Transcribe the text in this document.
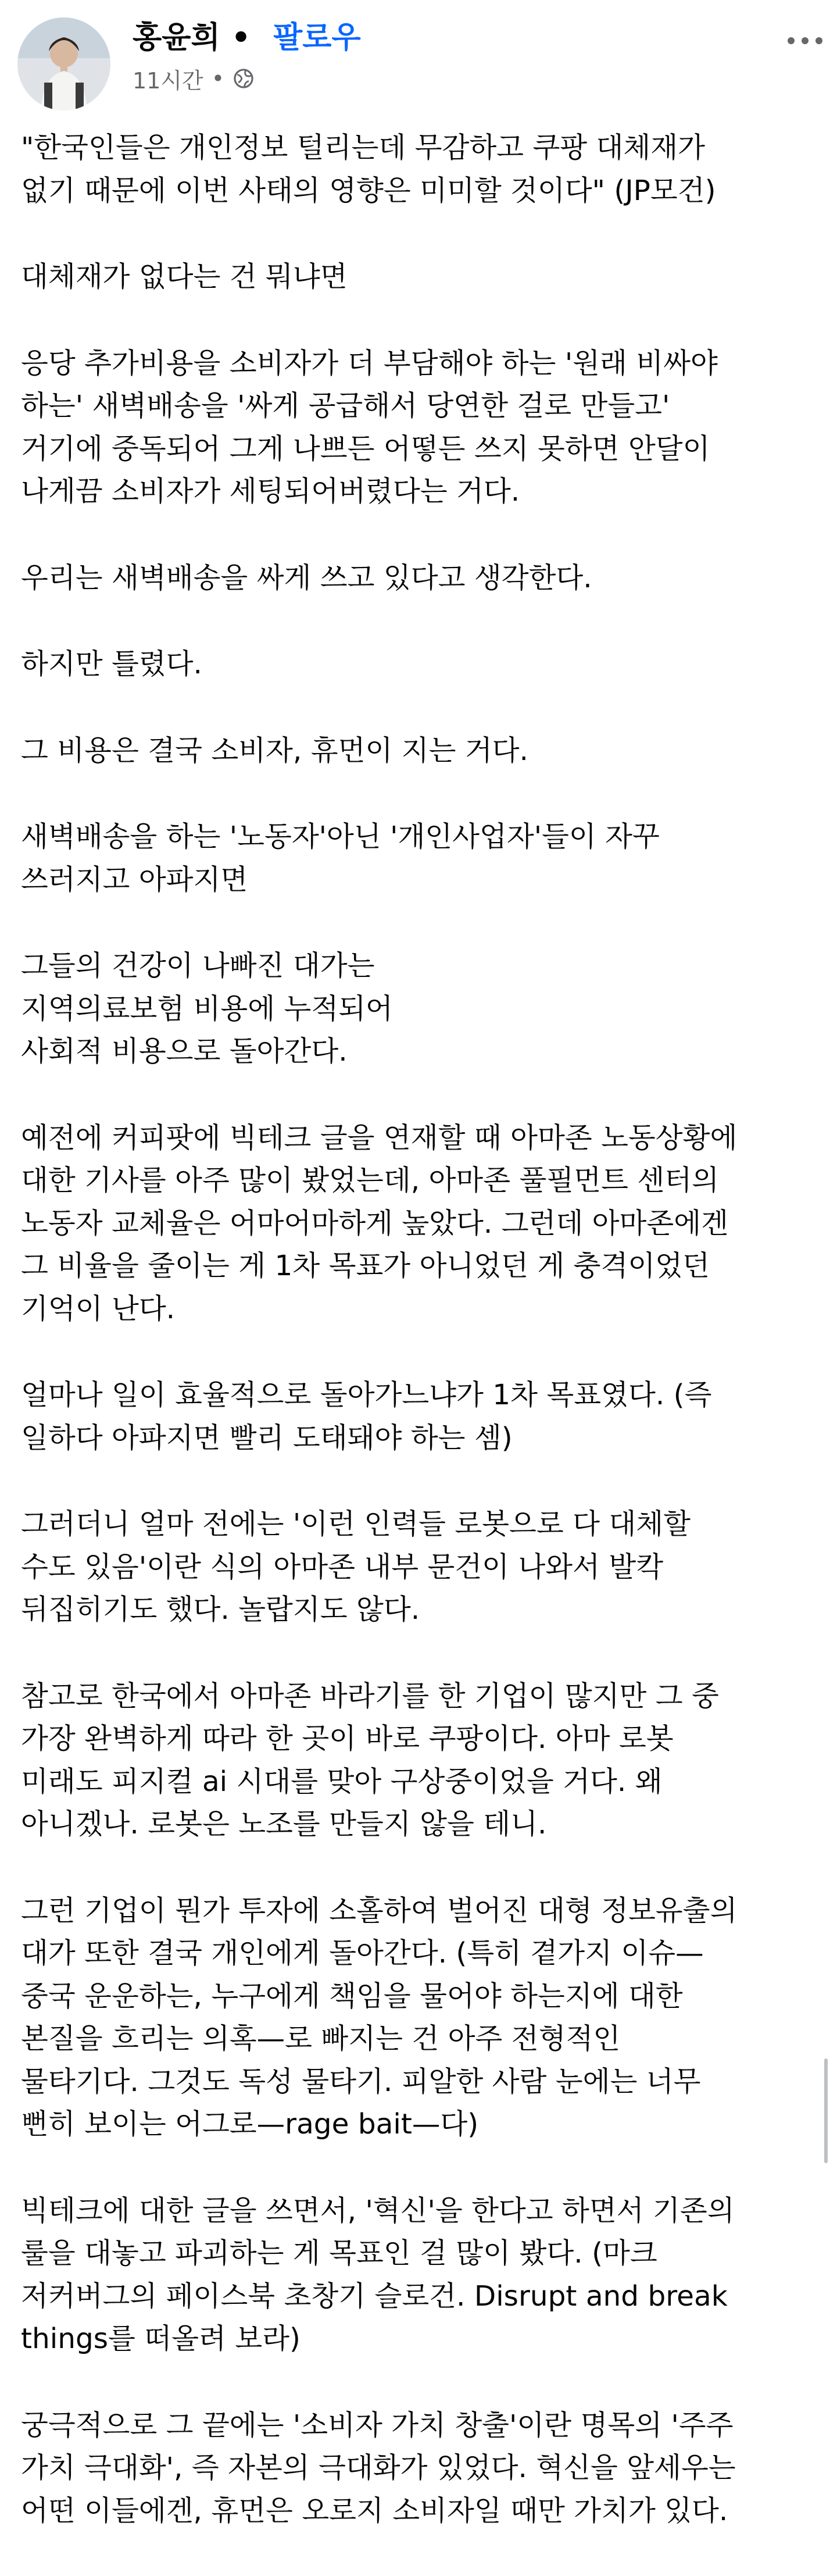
홍윤희 • 팔로우
11시간 •

"한국인들은 개인정보 털리는데 무감하고 쿠팡 대체재가
없기 때문에 이번 사태의 영향은 미미할 것이다" (JP모건)

대체재가 없다는 건 뭐냐면

응당 추가비용을 소비자가 더 부담해야 하는 '원래 비싸야
하는' 새벽배송을 '싸게 공급해서 당연한 걸로 만들고'
거기에 중독되어 그게 나쁘든 어떻든 쓰지 못하면 안달이
나게끔 소비자가 세팅되어버렸다는 거다.

우리는 새벽배송을 싸게 쓰고 있다고 생각한다.

하지만 틀렸다.

그 비용은 결국 소비자, 휴먼이 지는 거다.

새벽배송을 하는 '노동자'아닌 '개인사업자'들이 자꾸
쓰러지고 아파지면

그들의 건강이 나빠진 대가는
지역의료보험 비용에 누적되어
사회적 비용으로 돌아간다.

예전에 커피팟에 빅테크 글을 연재할 때 아마존 노동상황에
대한 기사를 아주 많이 봤었는데, 아마존 풀필먼트 센터의
노동자 교체율은 어마어마하게 높았다. 그런데 아마존에겐
그 비율을 줄이는 게 1차 목표가 아니었던 게 충격이었던
기억이 난다.

얼마나 일이 효율적으로 돌아가느냐가 1차 목표였다. (즉
일하다 아파지면 빨리 도태돼야 하는 셈)

그러더니 얼마 전에는 '이런 인력들 로봇으로 다 대체할
수도 있음'이란 식의 아마존 내부 문건이 나와서 발칵
뒤집히기도 했다. 놀랍지도 않다.

참고로 한국에서 아마존 바라기를 한 기업이 많지만 그 중
가장 완벽하게 따라 한 곳이 바로 쿠팡이다. 아마 로봇
미래도 피지컬 ai 시대를 맞아 구상중이었을 거다. 왜
아니겠나. 로봇은 노조를 만들지 않을 테니.

그런 기업이 뭔가 투자에 소홀하여 벌어진 대형 정보유출의
대가 또한 결국 개인에게 돌아간다. (특히 곁가지 이슈—
중국 운운하는, 누구에게 책임을 물어야 하는지에 대한
본질을 흐리는 의혹—로 빠지는 건 아주 전형적인
물타기다. 그것도 독성 물타기. 피알한 사람 눈에는 너무
뻔히 보이는 어그로—rage bait—다)

빅테크에 대한 글을 쓰면서, '혁신'을 한다고 하면서 기존의
룰을 대놓고 파괴하는 게 목표인 걸 많이 봤다. (마크
저커버그의 페이스북 초창기 슬로건. Disrupt and break
things를 떠올려 보라)

궁극적으로 그 끝에는 '소비자 가치 창출'이란 명목의 '주주
가치 극대화', 즉 자본의 극대화가 있었다. 혁신을 앞세우는
어떤 이들에겐, 휴먼은 오로지 소비자일 때만 가치가 있다.
